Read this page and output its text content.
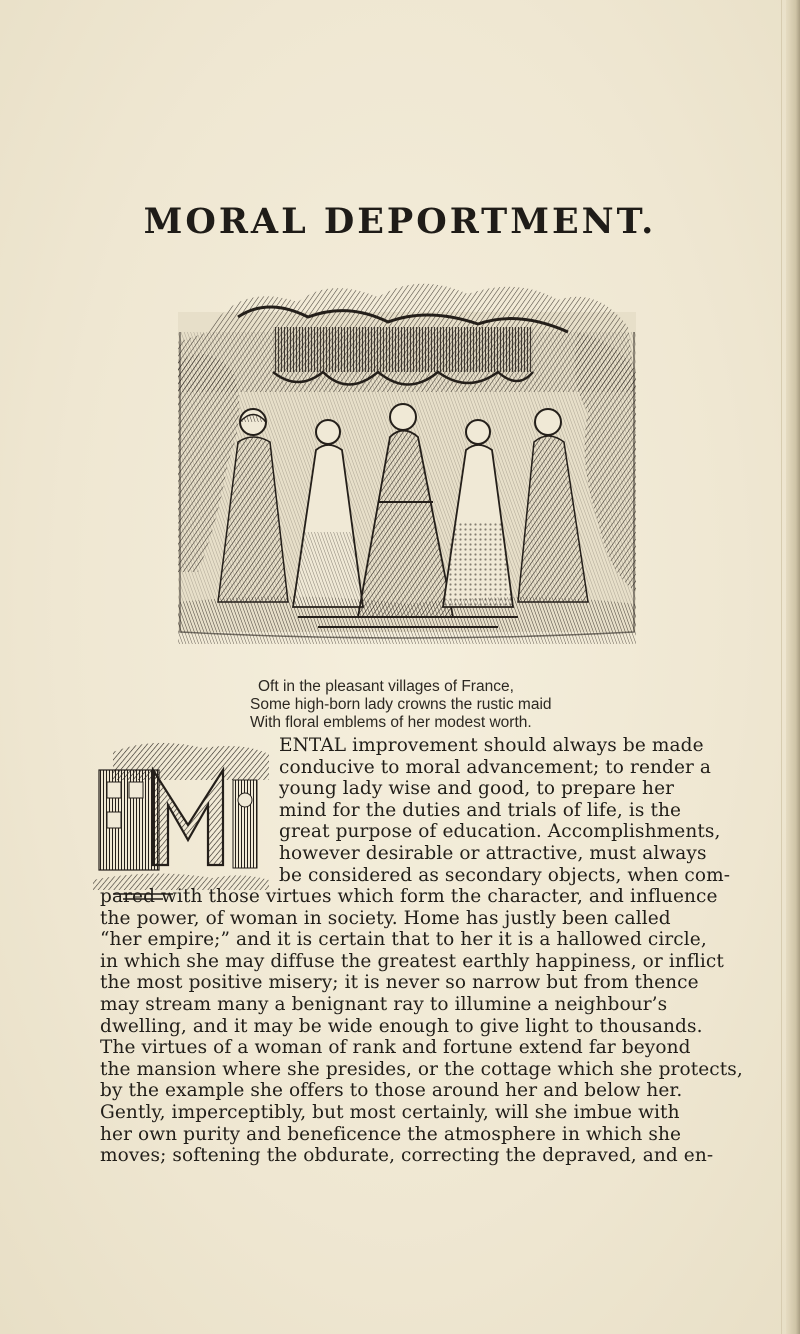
MORAL DEPORTMENT.
Oft in the pleasant villages of France,
Some high-born lady crowns the rustic maid
With floral emblems of her modest worth.
ENTAL improvement should always be made
conducive to moral advancement; to render a
young lady wise and good, to prepare her
mind for the duties and trials of life, is the
great purpose of education. Accomplishments,
however desirable or attractive, must always
be considered as secondary objects, when com-
pared with those virtues which form the character, and influence
the power, of woman in society. Home has justly been called
“her empire;” and it is certain that to her it is a hallowed circle,
in which she may diffuse the greatest earthly happiness, or inflict
the most positive misery; it is never so narrow but from thence
may stream many a benignant ray to illumine a neighbour’s
dwelling, and it may be wide enough to give light to thousands.
The virtues of a woman of rank and fortune extend far beyond
the mansion where she presides, or the cottage which she protects,
by the example she offers to those around her and below her.
Gently, imperceptibly, but most certainly, will she imbue with
her own purity and beneficence the atmosphere in which she
moves; softening the obdurate, correcting the depraved, and en-
